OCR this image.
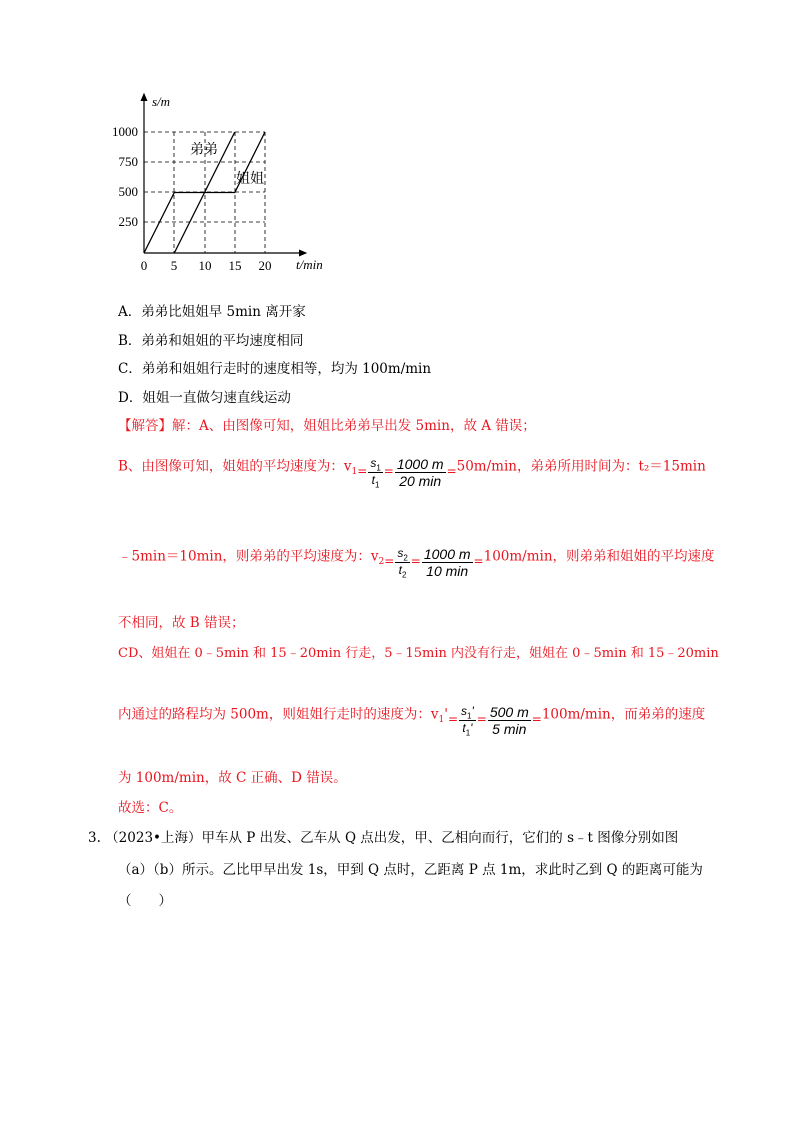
1000
750
500
250
0 5 10 15 20
s/m
t/min
弟弟
姐姐
A．弟弟比姐姐早 5min 离开家
B．弟弟和姐姐的平均速度相同
C．弟弟和姐姐行走时的速度相等，均为 100m/min
D．姐姐一直做匀速直线运动
【解答】解：A、由图像可知，姐姐比弟弟早出发 5min，故 A 错误；
B、由图像可知，姐姐的平均速度为：$v_1= \frac{s_1}{t_1} = \frac{1000 m}{20 \min} =50m/\min$，弟弟所用时间为：t₂＝15min
﹣5min＝10min，则弟弟的平均速度为：$v_2= \frac{s_2}{t_2} = \frac{1000 m}{10 \min} =100m/\min$，则弟弟和姐姐的平均速度
不相同，故 B 错误；
CD、姐姐在 0﹣5min 和 15﹣20min 行走，5﹣15min 内没有行走，姐姐在 0﹣5min 和 15﹣20min
内通过的路程均为 500m，则姐姐行走时的速度为：$v_1'= \frac{s_1'}{t_1'} = \frac{500 m}{5 \min} =100m/\min$，而弟弟的速度
为 100m/min，故 C 正确、D 错误。
故选：C。
3. （2023•上海）甲车从 P 出发、乙车从 Q 点出发，甲、乙相向而行，它们的 s﹣t 图像分别如图
（a）（b）所示。乙比甲早出发 1s，甲到 Q 点时，乙距离 P 点 1m，求此时乙到 Q 的距离可能为
（　　）
